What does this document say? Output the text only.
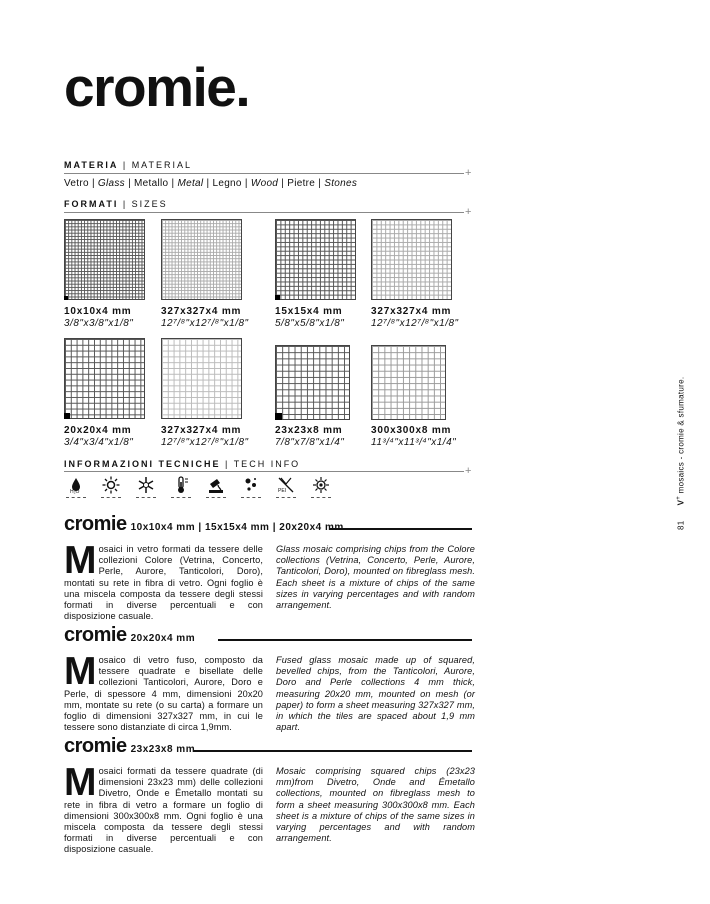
cromie.
MATERIA | MATERIAL
+
Vetro | Glass | Metallo | Metal | Legno | Wood | Pietre | Stones
FORMATI | SIZES
+
10x10x4 mm
3/8"x3/8"x1/8"
327x327x4 mm
12⁷/⁸"x12⁷/⁸"x1/8"
15x15x4 mm
5/8"x5/8"x1/8"
327x327x4 mm
12⁷/⁸"x12⁷/⁸"x1/8"
20x20x4 mm
3/4"x3/4"x1/8"
327x327x4 mm
12⁷/⁸"x12⁷/⁸"x1/8"
23x23x8 mm
7/8"x7/8"x1/4"
300x300x8 mm
11³/⁴"x11³/⁴"x1/4"
INFORMAZIONI TECNICHE | TECH INFO
+
H₂O	PEI
cromie 10x10x4 mm | 15x15x4 mm | 20x20x4 mm
Mosaici in vetro formati da tessere delle collezioni Colore (Vetrina, Concerto, Perle, Aurore, Tanticolori, Doro), montati su rete in fibra di vetro. Ogni foglio è una miscela composta da tessere degli stessi formati in diverse percentuali e con disposizione casuale.
Glass mosaic comprising chips from the Colore collections (Vetrina, Concerto, Perle, Aurore, Tanticolori, Doro), mounted on fibreglass mesh. Each sheet is a mixture of chips of the same sizes in varying percentages and with random arrangement.
cromie 20x20x4 mm
Mosaico di vetro fuso, composto da tessere quadrate e bisellate delle collezioni Tanticolori, Aurore, Doro e Perle, di spessore 4 mm, dimensioni 20x20 mm, montate su rete (o su carta) a formare un foglio di dimensioni 327x327 mm, in cui le tessere sono distanziate di circa 1,9mm.
Fused glass mosaic made up of squared, bevelled chips, from the Tanticolori, Aurore, Doro and Perle collections 4 mm thick, measuring 20x20 mm, mounted on mesh (or paper) to form a sheet measuring 327x327 mm, in which the tiles are spaced about 1,9 mm apart.
cromie 23x23x8 mm
Mosaici formati da tessere quadrate (di dimensioni 23x23 mm) delle collezioni Divetro, Onde e Émetallo montati su rete in fibra di vetro a formare un foglio di dimensioni 300x300x8 mm. Ogni foglio è una miscela composta da tessere degli stessi formati in diverse percentuali e con disposizione casuale.
Mosaic comprising squared chips (23x23 mm)from Divetro, Onde and Émetallo collections, mounted on fibreglass mesh to form a sheet measuring 300x300x8 mm. Each sheet is a mixture of chips of the same sizes in varying percentages and with random arrangement.
81      V+ mosaics - cromie & sfumature.
